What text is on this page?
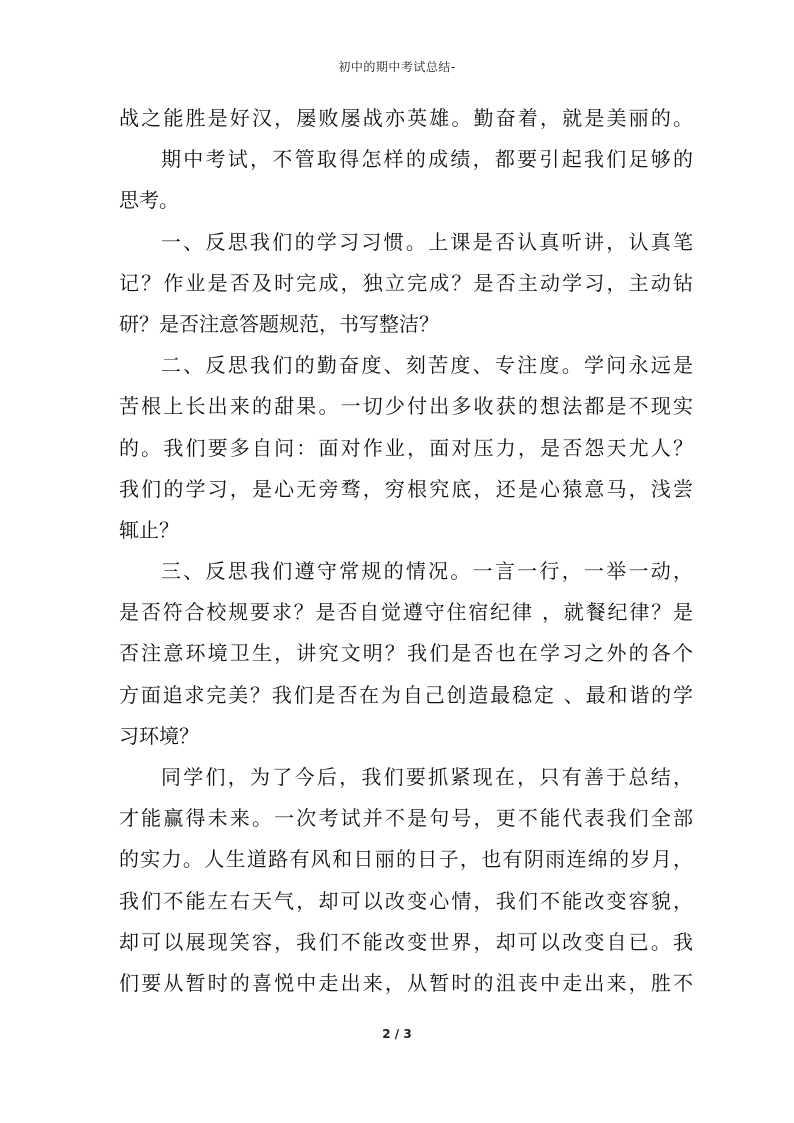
初中的期中考试总结-
战之能胜是好汉，屡败屡战亦英雄。勤奋着，就是美丽的。
期中考试，不管取得怎样的成绩，都要引起我们足够的
思考。
一、反思我们的学习习惯。上课是否认真听讲，认真笔
记？作业是否及时完成，独立完成？是否主动学习，主动钻
研？是否注意答题规范，书写整洁？
二、反思我们的勤奋度、刻苦度、专注度。学问永远是
苦根上长出来的甜果。一切少付出多收获的想法都是不现实
的。我们要多自问：面对作业，面对压力，是否怨天尤人？
我们的学习，是心无旁骛，穷根究底，还是心猿意马，浅尝
辄止？
三、反思我们遵守常规的情况。一言一行，一举一动，
是否符合校规要求？是否自觉遵守住宿纪律 ，就餐纪律？是
否注意环境卫生，讲究文明？我们是否也在学习之外的各个
方面追求完美？我们是否在为自己创造最稳定 、最和谐的学
习环境？
同学们，为了今后，我们要抓紧现在，只有善于总结，
才能赢得未来。一次考试并不是句号，更不能代表我们全部
的实力。人生道路有风和日丽的日子，也有阴雨连绵的岁月，
我们不能左右天气，却可以改变心情，我们不能改变容貌，
却可以展现笑容，我们不能改变世界，却可以改变自已。我
们要从暂时的喜悦中走出来，从暂时的沮丧中走出来，胜不
2 / 3
